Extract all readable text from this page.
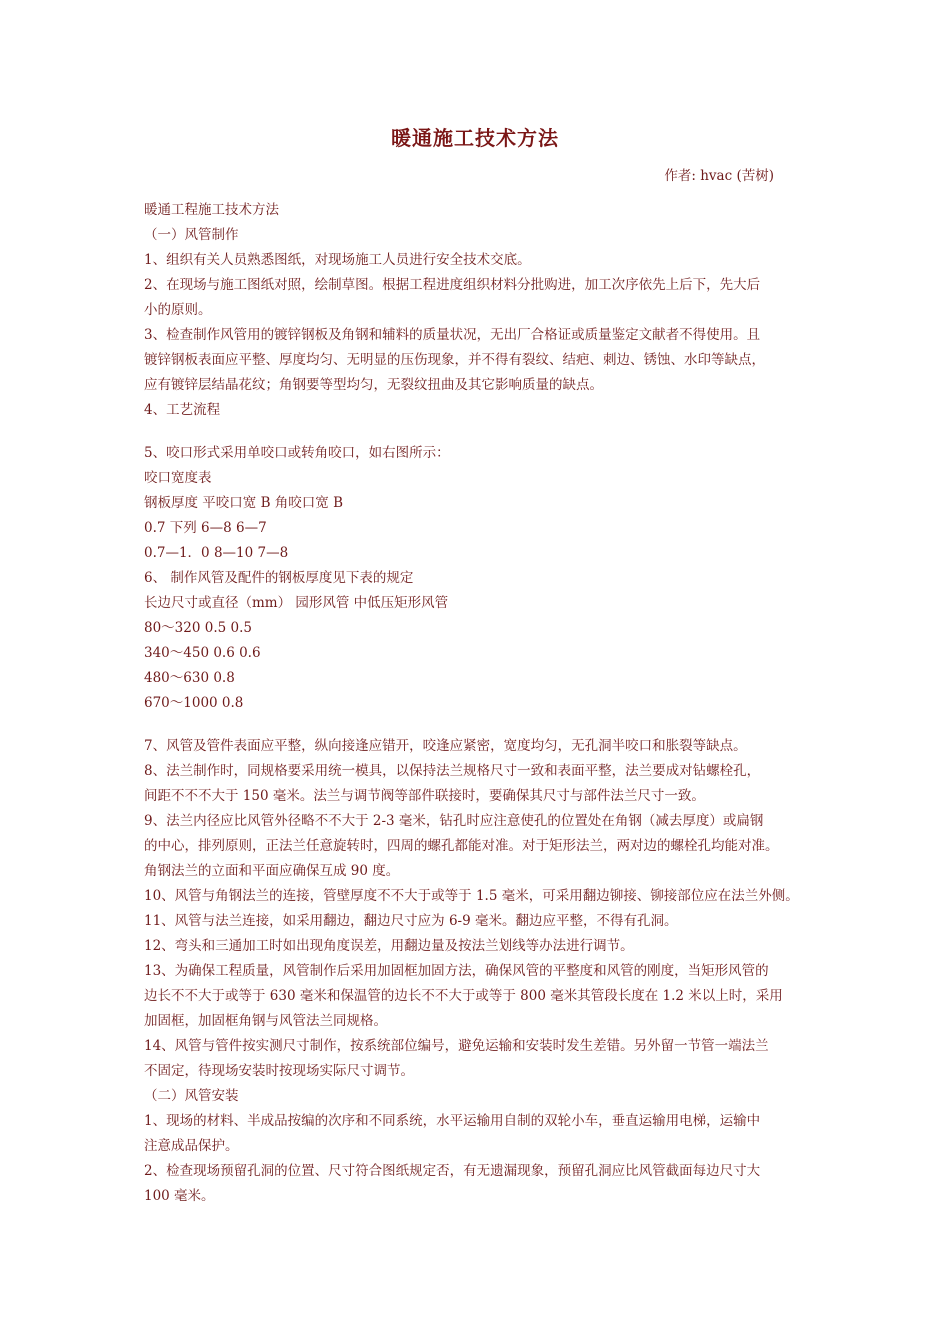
暖通施工技术方法
作者: hvac (苦树)
暖通工程施工技术方法
（一）风管制作
1、组织有关人员熟悉图纸，对现场施工人员进行安全技术交底。
2、在现场与施工图纸对照，绘制草图。根据工程进度组织材料分批购进，加工次序依先上后下，先大后
小的原则。
3、检查制作风管用的镀锌钢板及角钢和辅料的质量状况，无出厂合格证或质量鉴定文献者不得使用。且
镀锌钢板表面应平整、厚度均匀、无明显的压伤现象，并不得有裂纹、结疤、刺边、锈蚀、水印等缺点，
应有镀锌层结晶花纹；角钢要等型均匀，无裂纹扭曲及其它影响质量的缺点。
4、工艺流程
5、咬口形式采用单咬口或转角咬口，如右图所示：
咬口宽度表
钢板厚度 平咬口宽 B 角咬口宽 B
0.7 下列 6—8 6—7
0.7—1．0 8—10 7—8
6、 制作风管及配件的钢板厚度见下表的规定
长边尺寸或直径（mm） 园形风管 中低压矩形风管
80～320 0.5 0.5
340～450 0.6 0.6
480～630 0.8
670～1000 0.8
7、风管及管件表面应平整，纵向接逢应错开，咬逢应紧密，宽度均匀，无孔洞半咬口和胀裂等缺点。
8、法兰制作时，同规格要采用统一模具，以保持法兰规格尺寸一致和表面平整，法兰要成对钻螺栓孔，
间距不不不大于 150 毫米。法兰与调节阀等部件联接时，要确保其尺寸与部件法兰尺寸一致。
9、法兰内径应比风管外径略不不大于 2-3 毫米，钻孔时应注意使孔的位置处在角钢（减去厚度）或扁钢
的中心，排列原则，正法兰任意旋转时，四周的螺孔都能对准。对于矩形法兰，两对边的螺栓孔均能对准。
角钢法兰的立面和平面应确保互成 90 度。
10、风管与角钢法兰的连接，管壁厚度不不大于或等于 1.5 毫米，可采用翻边铆接、铆接部位应在法兰外侧。
11、风管与法兰连接，如采用翻边，翻边尺寸应为 6-9 毫米。翻边应平整，不得有孔洞。
12、弯头和三通加工时如出现角度误差，用翻边量及按法兰划线等办法进行调节。
13、为确保工程质量，风管制作后采用加固框加固方法，确保风管的平整度和风管的刚度，当矩形风管的
边长不不大于或等于 630 毫米和保温管的边长不不大于或等于 800 毫米其管段长度在 1.2 米以上时，采用
加固框，加固框角钢与风管法兰同规格。
14、风管与管件按实测尺寸制作，按系统部位编号，避免运输和安装时发生差错。另外留一节管一端法兰
不固定，待现场安装时按现场实际尺寸调节。
（二）风管安装
1、现场的材料、半成品按编的次序和不同系统，水平运输用自制的双轮小车，垂直运输用电梯，运输中
注意成品保护。
2、检查现场预留孔洞的位置、尺寸符合图纸规定否，有无遗漏现象，预留孔洞应比风管截面每边尺寸大
100 毫米。
